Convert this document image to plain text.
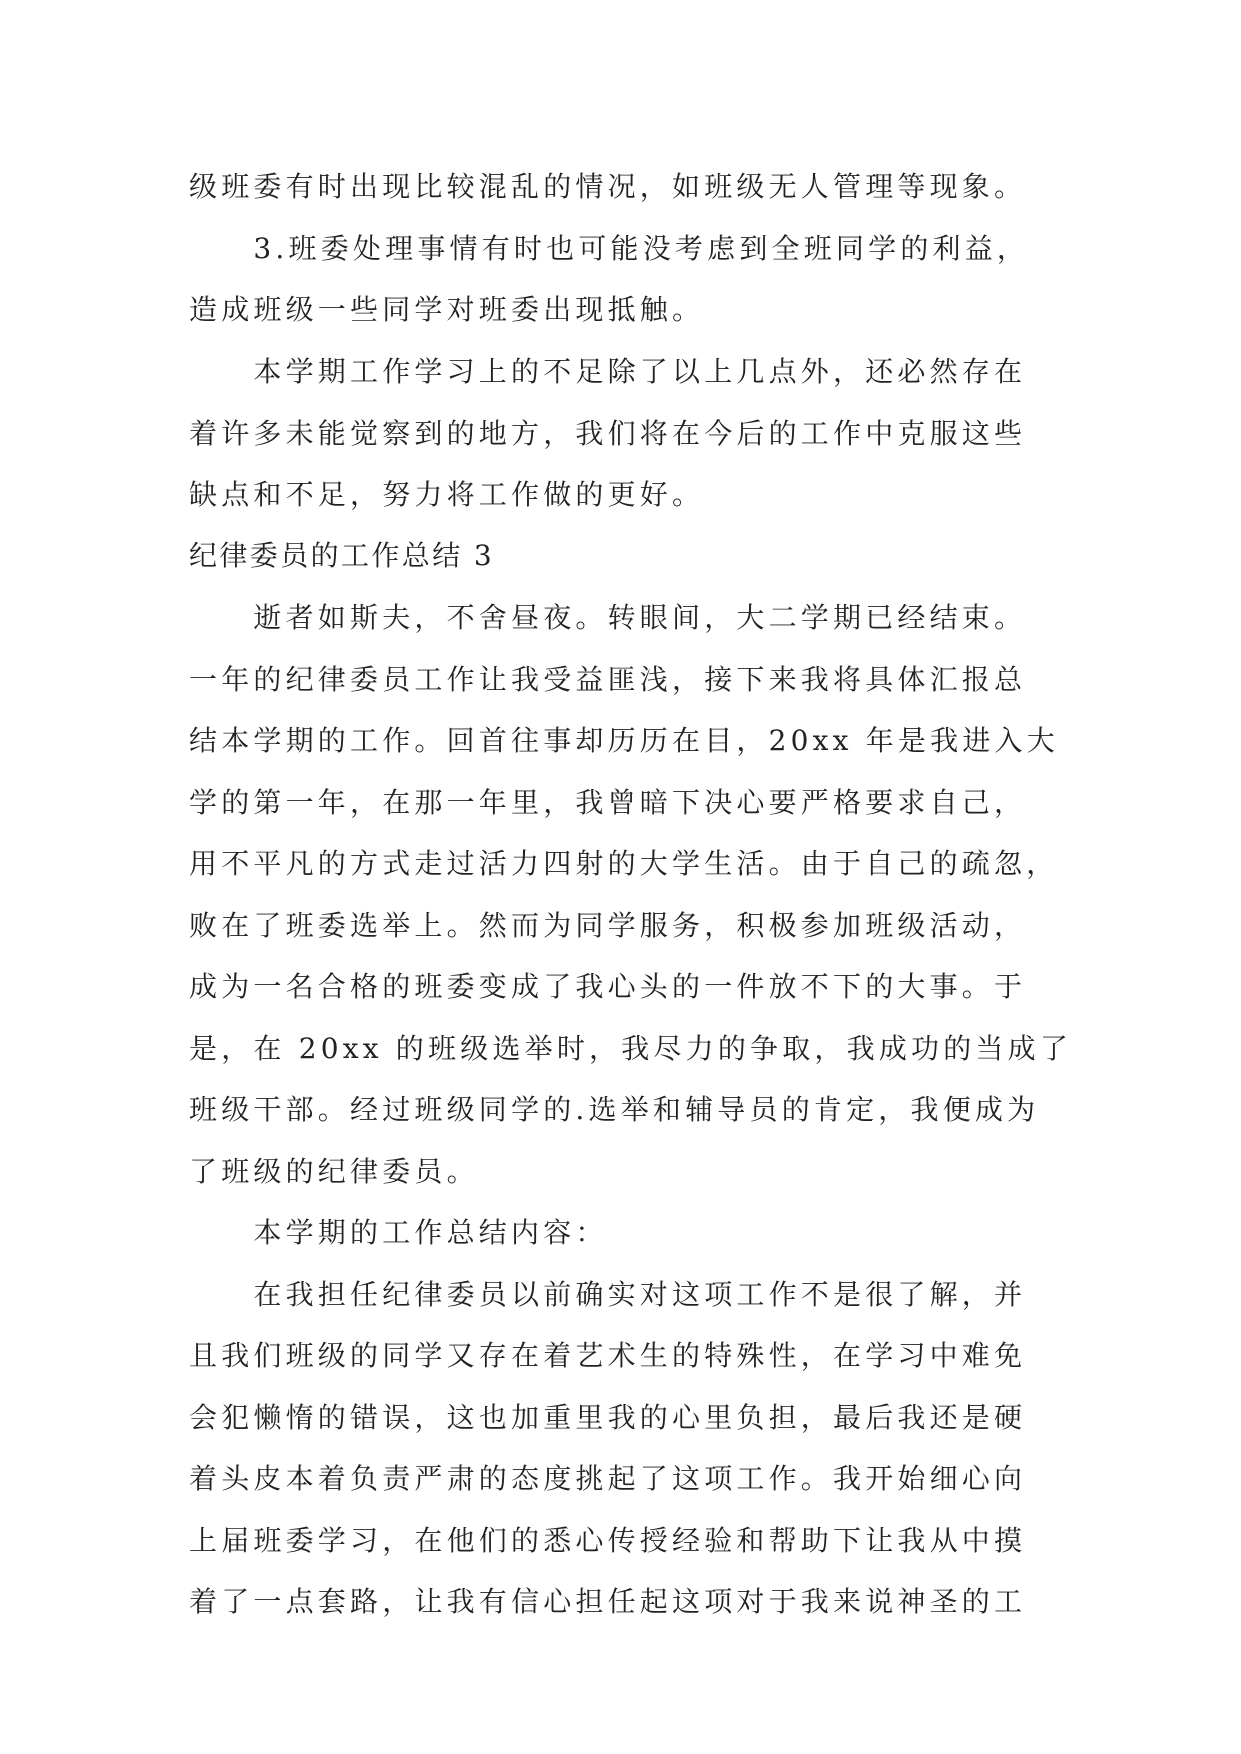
级班委有时出现比较混乱的情况，如班级无人管理等现象。
　　3.班委处理事情有时也可能没考虑到全班同学的利益，
造成班级一些同学对班委出现抵触。
　　本学期工作学习上的不足除了以上几点外，还必然存在
着许多未能觉察到的地方，我们将在今后的工作中克服这些
缺点和不足，努力将工作做的更好。
纪律委员的工作总结 3
　　逝者如斯夫，不舍昼夜。转眼间，大二学期已经结束。
一年的纪律委员工作让我受益匪浅，接下来我将具体汇报总
结本学期的工作。回首往事却历历在目，20xx 年是我进入大
学的第一年，在那一年里，我曾暗下决心要严格要求自己，
用不平凡的方式走过活力四射的大学生活。由于自己的疏忽，
败在了班委选举上。然而为同学服务，积极参加班级活动，
成为一名合格的班委变成了我心头的一件放不下的大事。于
是，在 20xx 的班级选举时，我尽力的争取，我成功的当成了
班级干部。经过班级同学的.选举和辅导员的肯定，我便成为
了班级的纪律委员。
　　本学期的工作总结内容：
　　在我担任纪律委员以前确实对这项工作不是很了解，并
且我们班级的同学又存在着艺术生的特殊性，在学习中难免
会犯懒惰的错误，这也加重里我的心里负担，最后我还是硬
着头皮本着负责严肃的态度挑起了这项工作。我开始细心向
上届班委学习，在他们的悉心传授经验和帮助下让我从中摸
着了一点套路，让我有信心担任起这项对于我来说神圣的工
